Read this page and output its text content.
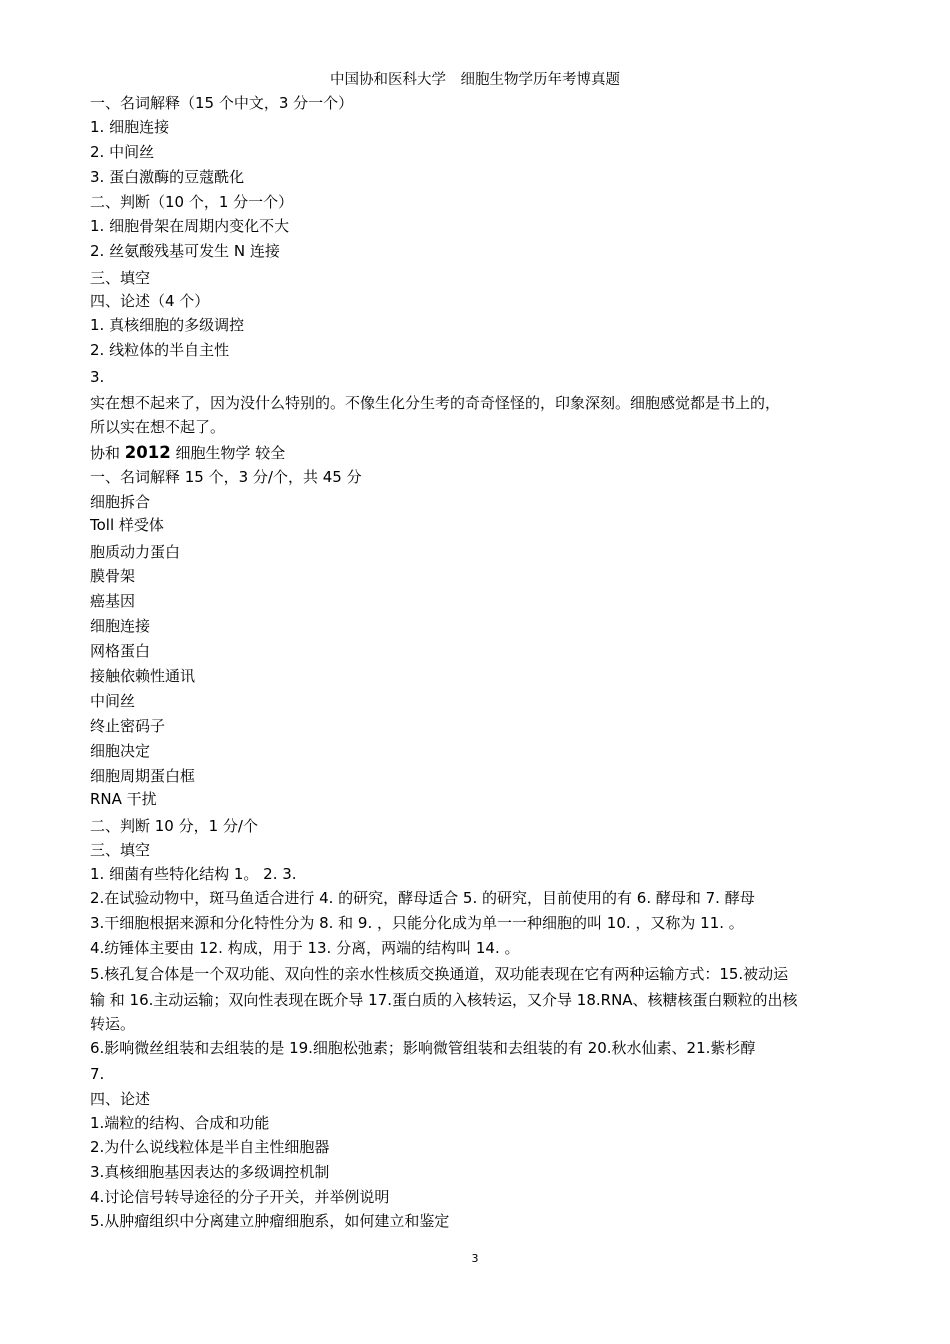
中国协和医科大学　细胞生物学历年考博真题
一、名词解释（15 个中文，3 分一个）
1. 细胞连接
2. 中间丝
3. 蛋白激酶的豆蔻酰化
二、判断（10 个，1 分一个）
1. 细胞骨架在周期内变化不大
2. 丝氨酸残基可发生 N 连接
三、填空
四、论述（4 个）
1. 真核细胞的多级调控
2. 线粒体的半自主性
3.
实在想不起来了，因为没什么特别的。不像生化分生考的奇奇怪怪的，印象深刻。细胞感觉都是书上的，
所以实在想不起了。
协和 2012 细胞生物学 较全
一、名词解释 15 个，3 分/个，共 45 分
细胞拆合
Toll 样受体
胞质动力蛋白
膜骨架
癌基因
细胞连接
网格蛋白
接触依赖性通讯
中间丝
终止密码子
细胞决定
细胞周期蛋白框
RNA 干扰
二、判断 10 分，1 分/个
三、填空
1. 细菌有些特化结构 1。 2. 3.
2.在试验动物中，斑马鱼适合进行 4. 的研究，酵母适合 5. 的研究，目前使用的有 6. 酵母和 7. 酵母
3.干细胞根据来源和分化特性分为 8. 和 9. ，只能分化成为单一一种细胞的叫 10. ，又称为 11. 。
4.纺锤体主要由 12. 构成，用于 13. 分离，两端的结构叫 14. 。
5.核孔复合体是一个双功能、双向性的亲水性核质交换通道，双功能表现在它有两种运输方式：15.被动运
输 和 16.主动运输；双向性表现在既介导 17.蛋白质的入核转运，又介导 18.RNA、核糖核蛋白颗粒的出核
转运。
6.影响微丝组装和去组装的是 19.细胞松弛素；影响微管组装和去组装的有 20.秋水仙素、21.紫杉醇
7.
四、论述
1.端粒的结构、合成和功能
2.为什么说线粒体是半自主性细胞器
3.真核细胞基因表达的多级调控机制
4.讨论信号转导途径的分子开关，并举例说明
5.从肿瘤组织中分离建立肿瘤细胞系，如何建立和鉴定
3
